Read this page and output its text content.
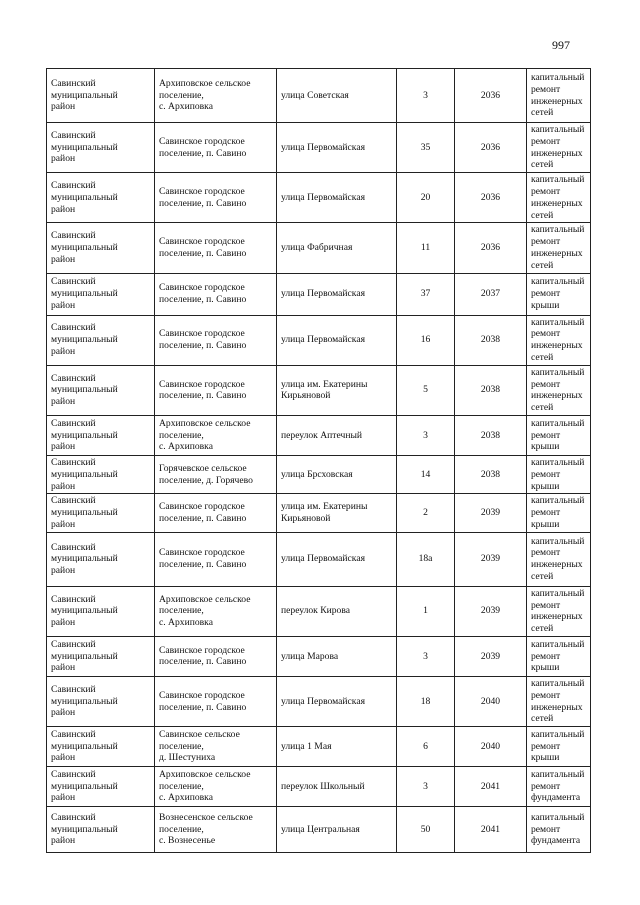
997
Савинский
муниципальный
район	Архиповское сельское
поселение,
с. Архиповка	улица Советская	3	2036	капитальный
ремонт
инженерных
сетей
Савинский
муниципальный
район	Савинское городское
поселение, п. Савино	улица Первомайская	35	2036	капитальный
ремонт
инженерных
сетей
Савинский
муниципальный
район	Савинское городское
поселение, п. Савино	улица Первомайская	20	2036	капитальный
ремонт
инженерных
сетей
Савинский
муниципальный
район	Савинское городское
поселение, п. Савино	улица Фабричная	11	2036	капитальный
ремонт
инженерных
сетей
Савинский
муниципальный
район	Савинское городское
поселение, п. Савино	улица Первомайская	37	2037	капитальный
ремонт крыши
Савинский
муниципальный
район	Савинское городское
поселение, п. Савино	улица Первомайская	16	2038	капитальный
ремонт
инженерных
сетей
Савинский
муниципальный
район	Савинское городское
поселение, п. Савино	улица им. Екатерины
Кирьяновой	5	2038	капитальный
ремонт
инженерных
сетей
Савинский
муниципальный
район	Архиповское сельское
поселение,
с. Архиповка	переулок Аптечный	3	2038	капитальный
ремонт крыши
Савинский
муниципальный
район	Горячевское сельское
поселение, д. Горячево	улица Брсховская	14	2038	капитальный
ремонт крыши
Савинский
муниципальный
район	Савинское городское
поселение, п. Савино	улица им. Екатерины
Кирьяновой	2	2039	капитальный
ремонт крыши
Савинский
муниципальный
район	Савинское городское
поселение, п. Савино	улица Первомайская	18а	2039	капитальный
ремонт
инженерных
сетей
Савинский
муниципальный
район	Архиповское сельское
поселение,
с. Архиповка	переулок Кирова	1	2039	капитальный
ремонт
инженерных
сетей
Савинский
муниципальный
район	Савинское городское
поселение, п. Савино	улица Марова	3	2039	капитальный
ремонт крыши
Савинский
муниципальный
район	Савинское городское
поселение, п. Савино	улица Первомайская	18	2040	капитальный
ремонт
инженерных
сетей
Савинский
муниципальный
район	Савинское сельское
поселение,
д. Шестуниха	улица 1 Мая	6	2040	капитальный
ремонт крыши
Савинский
муниципальный
район	Архиповское сельское
поселение,
с. Архиповка	переулок Школьный	3	2041	капитальный
ремонт
фундамента
Савинский
муниципальный
район	Вознесенское сельское
поселение,
с. Вознесенье	улица Центральная	50	2041	капитальный
ремонт
фундамента
